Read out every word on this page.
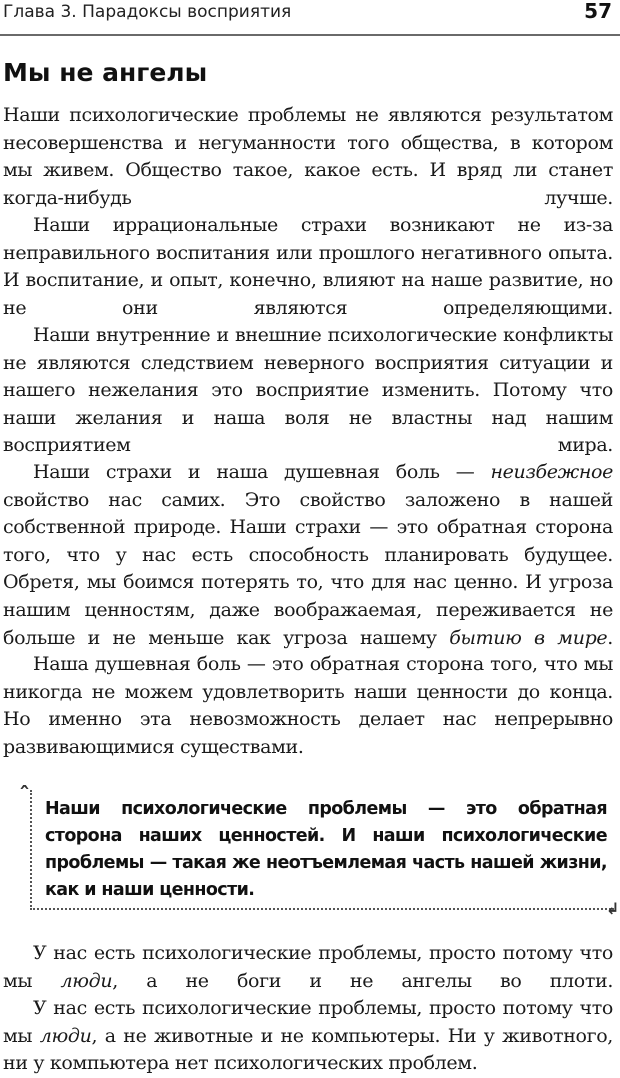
Глава 3. Парадоксы восприятия	57
Мы не ангелы

Наши психологические проблемы не являются результатом несовершенства и негуманности того общества, в котором мы живем. Общество такое, какое есть. И вряд ли станет когда-нибудь лучше.

Наши иррациональные страхи возникают не из-за неправильного воспитания или прошлого негативного опыта. И воспитание, и опыт, конечно, влияют на наше развитие, но не они являются определяющими.

Наши внутренние и внешние психологические конфликты не являются следствием неверного восприятия ситуации и нашего нежелания это восприятие изменить. Потому что наши желания и наша воля не властны над нашим восприятием мира.

Наши страхи и наша душевная боль — неизбежное свойство нас самих. Это свойство заложено в нашей собственной природе. Наши страхи — это обратная сторона того, что у нас есть способность планировать будущее. Обретя, мы боимся потерять то, что для нас ценно. И угроза нашим ценностям, даже воображаемая, переживается не больше и не меньше как угроза нашему бытию в мире.

Наша душевная боль — это обратная сторона того, что мы никогда не можем удовлетворить наши ценности до конца. Но именно эта невозможность делает нас непрерывно развивающимися существами.

ˆ Наши психологические проблемы — это обратная сторона наших ценностей. И наши психологические проблемы — такая же неотъемлемая часть нашей жизни, как и наши ценности.

↲

У нас есть психологические проблемы, просто потому что мы люди, а не боги и не ангелы во плоти.

У нас есть психологические проблемы, просто потому что мы люди, а не животные и не компьютеры. Ни у животного, ни у компьютера нет психологических проблем.
